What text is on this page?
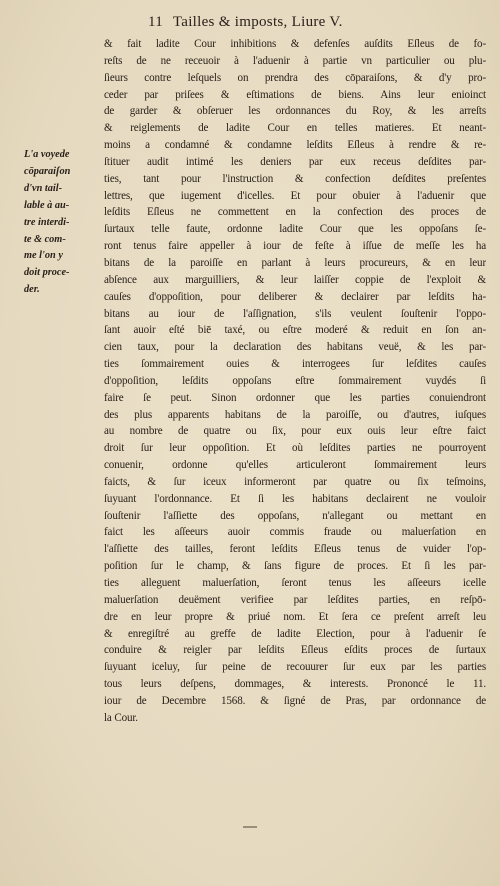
11 Tailles & imposts, Liure V.
L'a voyede
cōparaiſon
d'vn tail-
lable à au-
tre interdi-
te & com-
me l'on y
doit proce-
der.
& fait ladite Cour inhibitions & defenſes auſdits Eſleus de fo-
reſts de ne receuoir à l'aduenir à partie vn particulier ou plu-
ſieurs contre leſquels on prendra des cōparaiſons, & d'y pro-
ceder par priſees & eſtimations de biens. Ains leur enioinct
de garder & obſeruer les ordonnances du Roy, & les arreſts
& reiglements de ladite Cour en telles matieres. Et neant-
moins a condamné & condamne leſdits Eſleus à rendre & re-
ſtituer audit intimé les deniers par eux receus deſdites par-
ties, tant pour l'instruction & confection deſdites preſentes
lettres, que iugement d'icelles. Et pour obuier à l'aduenir que
leſdits Eſleus ne commettent en la confection des proces de
ſurtaux telle faute, ordonne ladite Cour que les oppoſans ſe-
ront tenus faire appeller à iour de feſte à iſſue de meſſe les ha
bitans de la paroiſſe en parlant à leurs procureurs, & en leur
abſence aux marguilliers, & leur laiſſer coppie de l'exploit &
cauſes d'oppoſition, pour deliberer & declairer par leſdits ha-
bitans au iour de l'aſſignation, s'ils veulent ſouſtenir l'oppo-
ſant auoir eſté biē taxé, ou eſtre moderé & reduit en ſon an-
cien taux, pour la declaration des habitans veuë, & les par-
ties ſommairement ouies & interrogees ſur leſdites cauſes
d'oppoſition, leſdits oppoſans eſtre ſommairement vuydés ſi
faire ſe peut. Sinon ordonner que les parties conuiendront
des plus apparents habitans de la paroiſſe, ou d'autres, iuſques
au nombre de quatre ou ſix, pour eux ouis leur eſtre faict
droit ſur leur oppoſition. Et où leſdites parties ne pourroyent
conuenir, ordonne qu'elles articuleront ſommairement leurs
faicts, & ſur iceux informeront par quatre ou ſix teſmoins,
ſuyuant l'ordonnance. Et ſi les habitans declairent ne vouloir
ſouſtenir l'aſſiette des oppoſans, n'allegant ou mettant en
faict les aſſeeurs auoir commis fraude ou maluerſation en
l'aſſiette des tailles, feront leſdits Eſleus tenus de vuider l'op-
poſition ſur le champ, & ſans figure de proces. Et ſi les par-
ties alleguent maluerſation, ſeront tenus les aſſeeurs icelle
maluerſation deuëment verifiee par leſdites parties, en reſpō-
dre en leur propre & priué nom. Et ſera ce preſent arreſt leu
& enregiſtré au greffe de ladite Election, pour à l'aduenir ſe
conduire & reigler par leſdits Eſleus eſdits proces de ſurtaux
ſuyuant iceluy, ſur peine de recouurer ſur eux par les parties
tous leurs deſpens, dommages, & interests. Prononcé le 11.
iour de Decembre 1568. & ſigné de Pras, par ordonnance de
la Cour.
